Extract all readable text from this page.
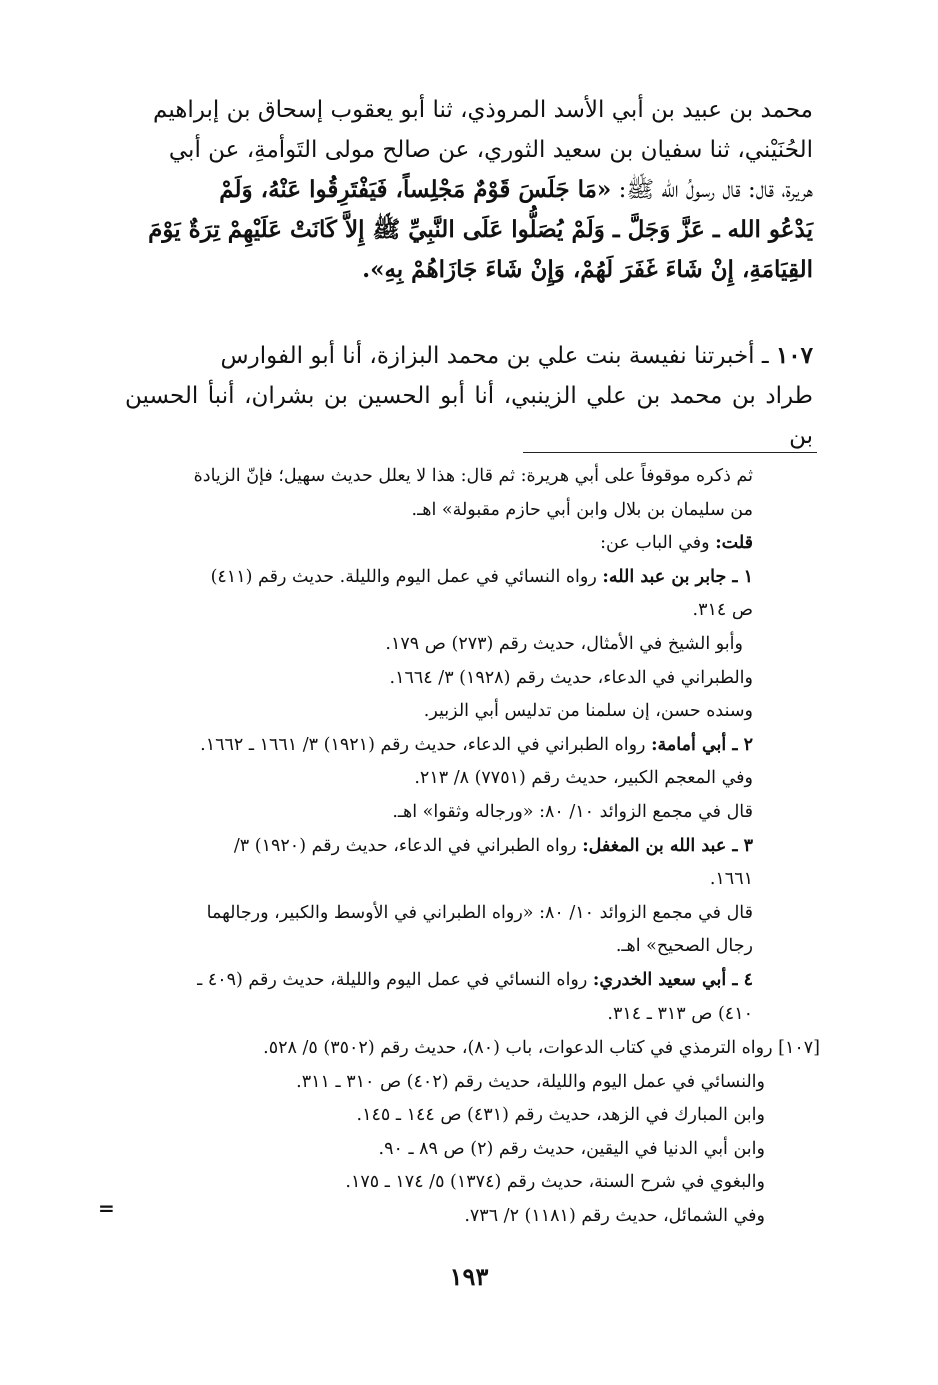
محمد بن عبيد بن أبي الأسد المروذي، ثنا أبو يعقوب إسحاق بن إبراهيم
الحُنَيْني، ثنا سفيان بن سعيد الثوري، عن صالح مولى التَوأمةِ، عن أبي
هريرة، قال: قال رسولُ الله ﷺ: «مَا جَلَسَ قَوْمٌ مَجْلِساً، فَيَفْتَرِقُوا عَنْهُ، وَلَمْ
يَدْعُو الله ـ عَزَّ وَجَلَّ ـ وَلَمْ يُصَلُّوا عَلَى النَّبِيِّ ﷺ إِلاَّ كَانَتْ عَلَيْهِمْ تِرَةٌ يَوْمَ
القِيَامَةِ، إِنْ شَاءَ غَفَرَ لَهُمْ، وَإِنْ شَاءَ جَازَاهُمْ بِهِ».
١٠٧ ـ أخبرتنا نفيسة بنت علي بن محمد البزازة، أنا أبو الفوارس
طراد بن محمد بن علي الزينبي، أنا أبو الحسين بن بشران، أنبأ الحسين بن
ثم ذكره موقوفاً على أبي هريرة: ثم قال: هذا لا يعلل حديث سهيل؛ فإنّ الزيادة
من سليمان بن بلال وابن أبي حازم مقبولة» اهـ.
قلت: وفي الباب عن:
١ ـ جابر بن عبد الله: رواه النسائي في عمل اليوم والليلة. حديث رقم (٤١١)
ص ٣١٤.
وأبو الشيخ في الأمثال، حديث رقم (٢٧٣) ص ١٧٩.
والطبراني في الدعاء، حديث رقم (١٩٢٨) ٣/ ١٦٦٤.
وسنده حسن، إن سلمنا من تدليس أبي الزبير.
٢ ـ أبي أمامة: رواه الطبراني في الدعاء، حديث رقم (١٩٢١) ٣/ ١٦٦١ ـ ١٦٦٢.
وفي المعجم الكبير، حديث رقم (٧٧٥١) ٨/ ٢١٣.
قال في مجمع الزوائد ١٠/ ٨٠: «ورجاله وثقوا» اهـ.
٣ ـ عبد الله بن المغفل: رواه الطبراني في الدعاء، حديث رقم (١٩٢٠) ٣/
١٦٦١.
قال في مجمع الزوائد ١٠/ ٨٠: «رواه الطبراني في الأوسط والكبير، ورجالهما
رجال الصحيح» اهـ.
٤ ـ أبي سعيد الخدري: رواه النسائي في عمل اليوم والليلة، حديث رقم (٤٠٩ ـ
٤١٠) ص ٣١٣ ـ ٣١٤.
[١٠٧] رواه الترمذي في كتاب الدعوات، باب (٨٠)، حديث رقم (٣٥٠٢) ٥/ ٥٢٨.
والنسائي في عمل اليوم والليلة، حديث رقم (٤٠٢) ص ٣١٠ ـ ٣١١.
وابن المبارك في الزهد، حديث رقم (٤٣١) ص ١٤٤ ـ ١٤٥.
وابن أبي الدنيا في اليقين، حديث رقم (٢) ص ٨٩ ـ ٩٠.
والبغوي في شرح السنة، حديث رقم (١٣٧٤) ٥/ ١٧٤ ـ ١٧٥.
وفي الشمائل، حديث رقم (١١٨١) ٢/ ٧٣٦.
=
١٩٣
